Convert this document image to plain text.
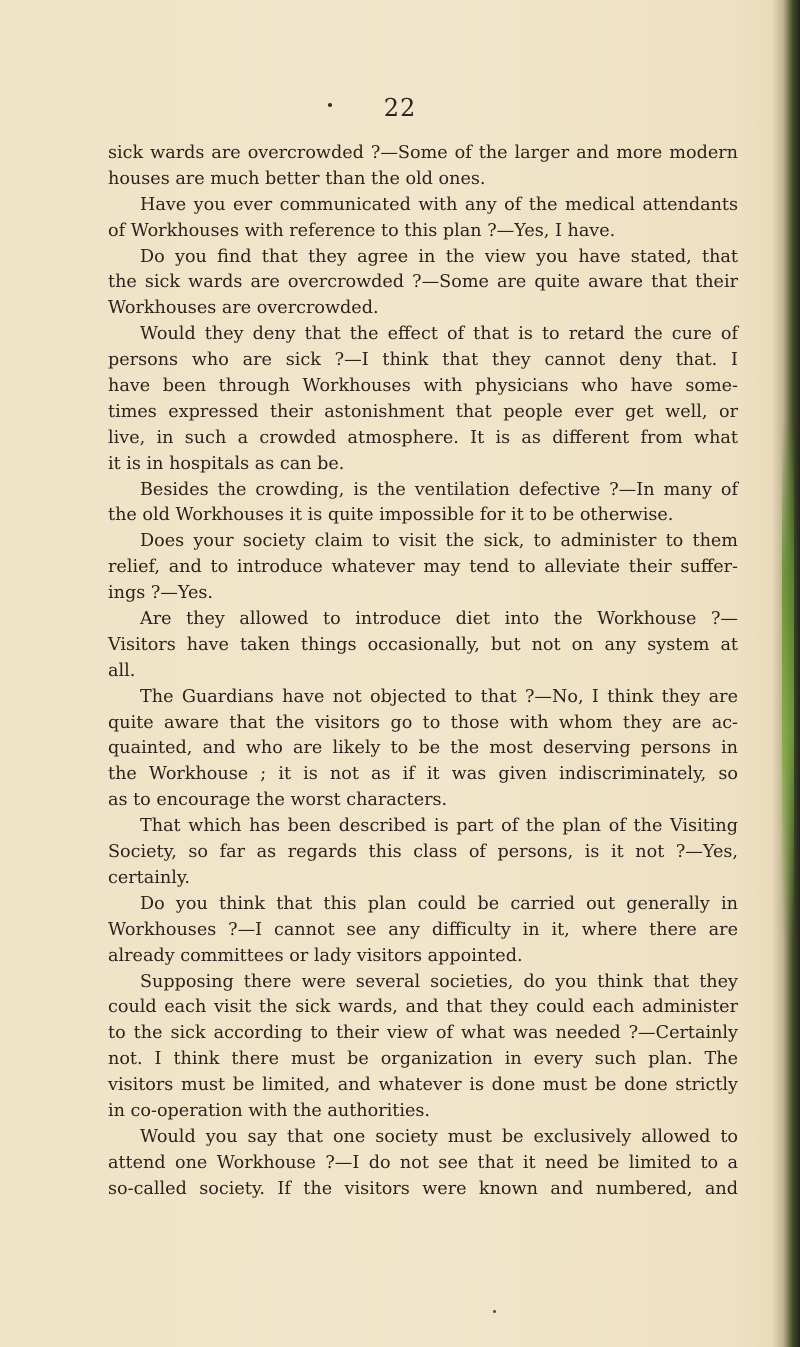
22
sick wards are overcrowded ?—Some of the larger and more modern
houses are much better than the old ones.
Have you ever communicated with any of the medical attendants
of Workhouses with reference to this plan ?—Yes, I have.
Do you find that they agree in the view you have stated, that
the sick wards are overcrowded ?—Some are quite aware that their
Workhouses are overcrowded.
Would they deny that the effect of that is to retard the cure of
persons who are sick ?—I think that they cannot deny that. I
have been through Workhouses with physicians who have some-
times expressed their astonishment that people ever get well, or
live, in such a crowded atmosphere. It is as different from what
it is in hospitals as can be.
Besides the crowding, is the ventilation defective ?—In many of
the old Workhouses it is quite impossible for it to be otherwise.
Does your society claim to visit the sick, to administer to them
relief, and to introduce whatever may tend to alleviate their suffer-
ings ?—Yes.
Are they allowed to introduce diet into the Workhouse ?—
Visitors have taken things occasionally, but not on any system at
all.
The Guardians have not objected to that ?—No, I think they are
quite aware that the visitors go to those with whom they are ac-
quainted, and who are likely to be the most deserving persons in
the Workhouse ; it is not as if it was given indiscriminately, so
as to encourage the worst characters.
That which has been described is part of the plan of the Visiting
Society, so far as regards this class of persons, is it not ?—Yes,
certainly.
Do you think that this plan could be carried out generally in
Workhouses ?—I cannot see any difficulty in it, where there are
already committees or lady visitors appointed.
Supposing there were several societies, do you think that they
could each visit the sick wards, and that they could each administer
to the sick according to their view of what was needed ?—Certainly
not. I think there must be organization in every such plan. The
visitors must be limited, and whatever is done must be done strictly
in co-operation with the authorities.
Would you say that one society must be exclusively allowed to
attend one Workhouse ?—I do not see that it need be limited to a
so-called society. If the visitors were known and numbered, and
